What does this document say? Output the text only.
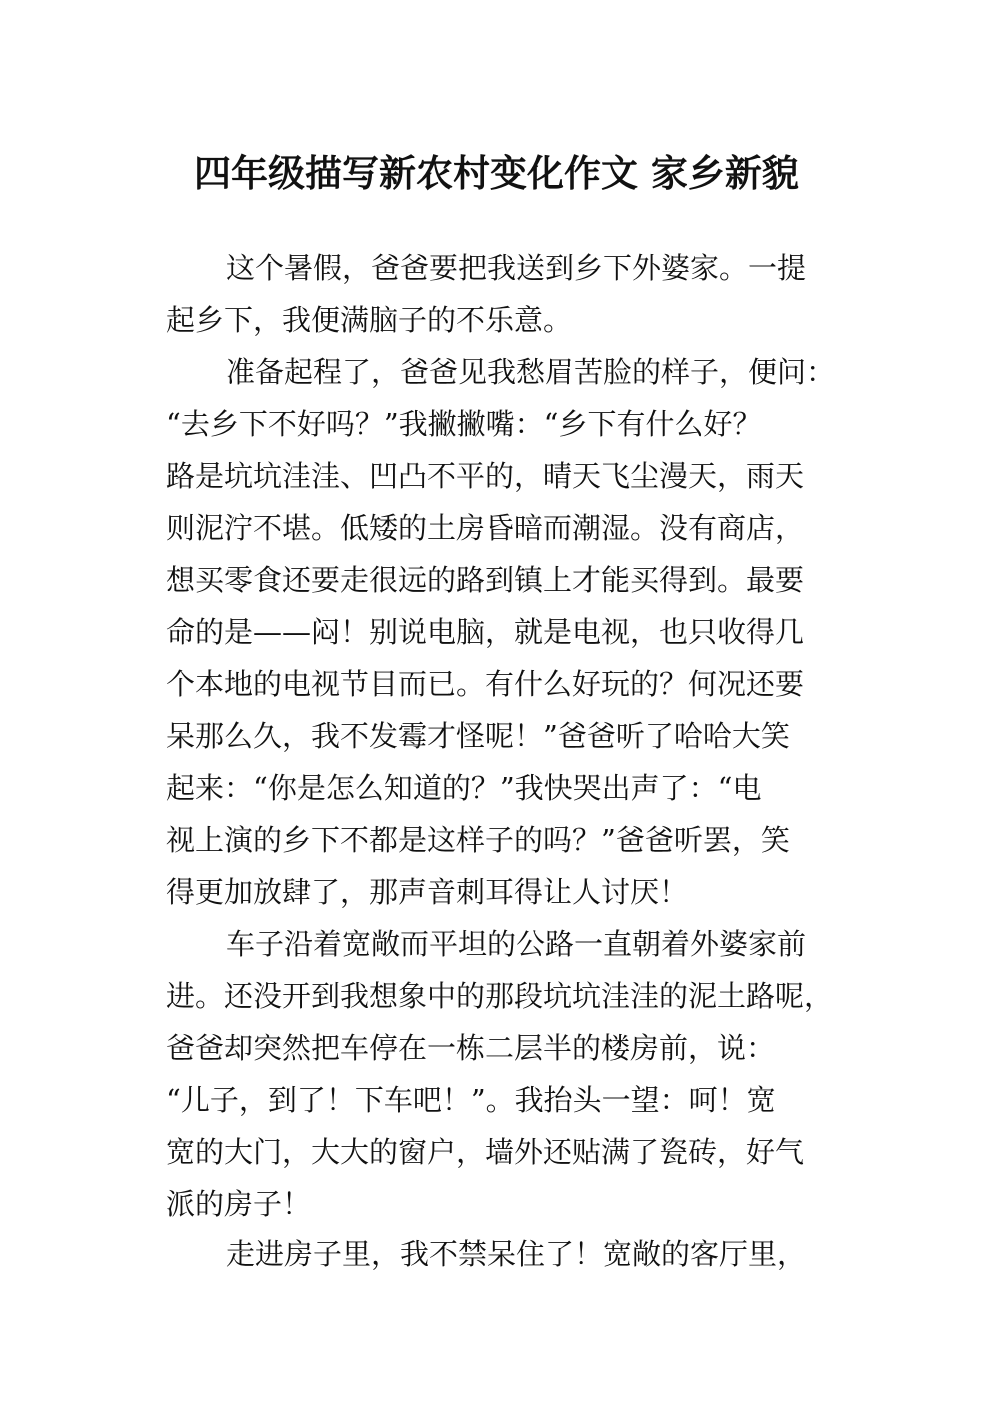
四年级描写新农村变化作文 家乡新貌
这个暑假，爸爸要把我送到乡下外婆家。一提
起乡下，我便满脑子的不乐意。
准备起程了，爸爸见我愁眉苦脸的样子，便问：
“去乡下不好吗？”我撇撇嘴：“乡下有什么好？
路是坑坑洼洼、凹凸不平的，晴天飞尘漫天，雨天
则泥泞不堪。低矮的土房昏暗而潮湿。没有商店，
想买零食还要走很远的路到镇上才能买得到。最要
命的是——闷！别说电脑，就是电视，也只收得几
个本地的电视节目而已。有什么好玩的？何况还要
呆那么久，我不发霉才怪呢！”爸爸听了哈哈大笑
起来：“你是怎么知道的？”我快哭出声了：“电
视上演的乡下不都是这样子的吗？”爸爸听罢，笑
得更加放肆了，那声音刺耳得让人讨厌！
车子沿着宽敞而平坦的公路一直朝着外婆家前
进。还没开到我想象中的那段坑坑洼洼的泥土路呢，
爸爸却突然把车停在一栋二层半的楼房前，说：
“儿子，到了！下车吧！”。我抬头一望：呵！宽
宽的大门，大大的窗户，墙外还贴满了瓷砖，好气
派的房子！
走进房子里，我不禁呆住了！宽敞的客厅里，
